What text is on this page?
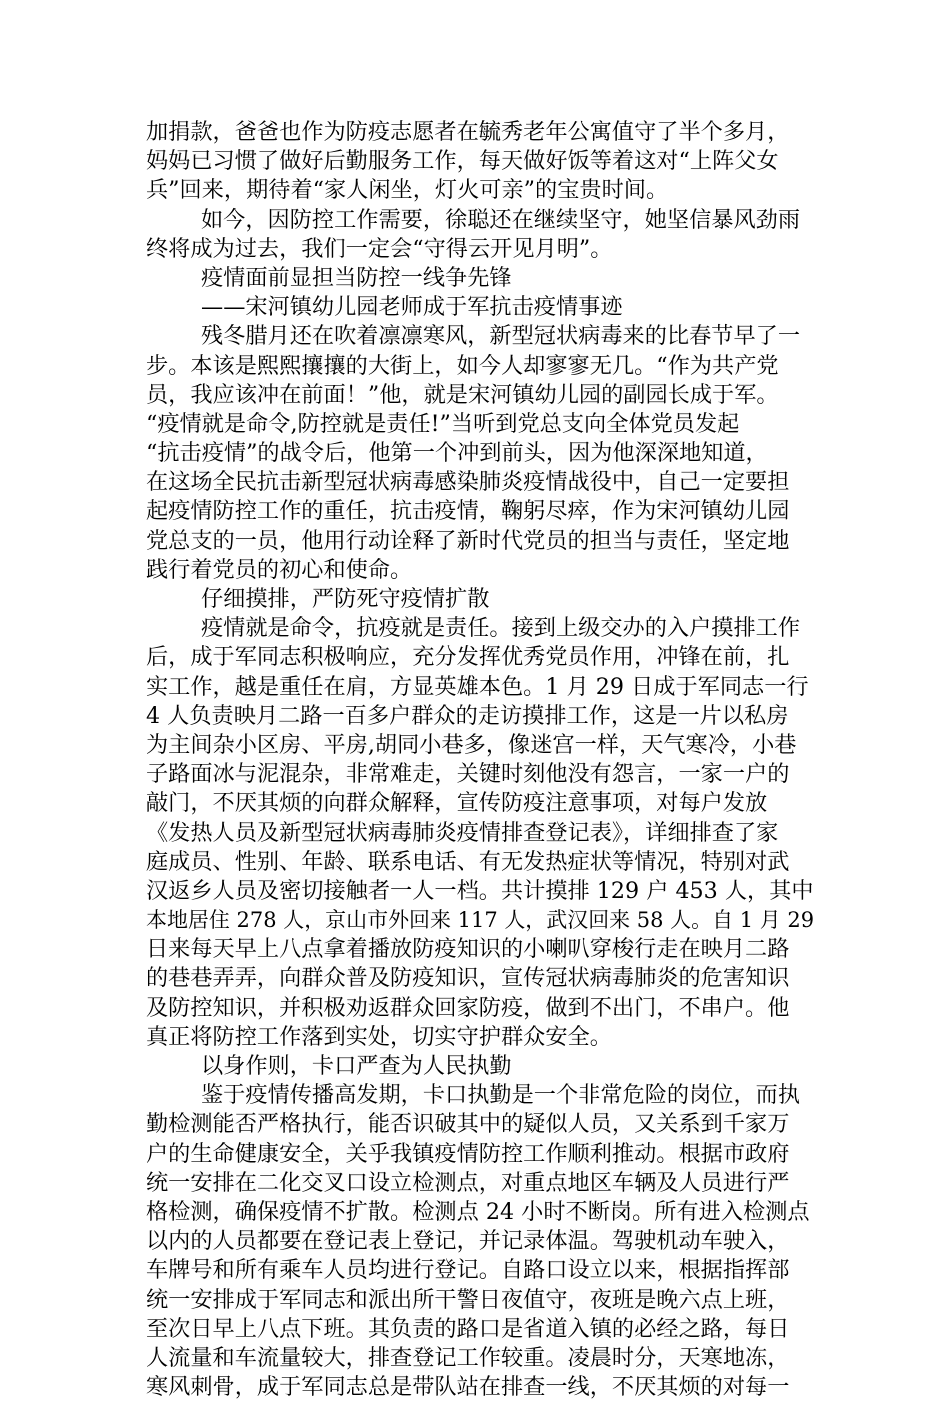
加捐款，爸爸也作为防疫志愿者在毓秀老年公寓值守了半个多月，
妈妈已习惯了做好后勤服务工作，每天做好饭等着这对“上阵父女
兵”回来，期待着“家人闲坐，灯火可亲”的宝贵时间。
如今，因防控工作需要，徐聪还在继续坚守，她坚信暴风劲雨
终将成为过去，我们一定会“守得云开见月明”。
疫情面前显担当防控一线争先锋
——宋河镇幼儿园老师成于军抗击疫情事迹
残冬腊月还在吹着凛凛寒风，新型冠状病毒来的比春节早了一
步。本该是熙熙攘攘的大街上，如今人却寥寥无几。“作为共产党
员，我应该冲在前面！”他，就是宋河镇幼儿园的副园长成于军。
“疫情就是命令,防控就是责任!”当听到党总支向全体党员发起
“抗击疫情”的战令后，他第一个冲到前头，因为他深深地知道，
在这场全民抗击新型冠状病毒感染肺炎疫情战役中，自己一定要担
起疫情防控工作的重任，抗击疫情，鞠躬尽瘁，作为宋河镇幼儿园
党总支的一员，他用行动诠释了新时代党员的担当与责任，坚定地
践行着党员的初心和使命。
仔细摸排，严防死守疫情扩散
疫情就是命令，抗疫就是责任。接到上级交办的入户摸排工作
后，成于军同志积极响应，充分发挥优秀党员作用，冲锋在前，扎
实工作，越是重任在肩，方显英雄本色。1 月 29 日成于军同志一行
4 人负责映月二路一百多户群众的走访摸排工作，这是一片以私房
为主间杂小区房、平房,胡同小巷多，像迷宫一样，天气寒冷，小巷
子路面冰与泥混杂，非常难走，关键时刻他没有怨言，一家一户的
敲门，不厌其烦的向群众解释，宣传防疫注意事项，对每户发放
《发热人员及新型冠状病毒肺炎疫情排查登记表》，详细排查了家
庭成员、性别、年龄、联系电话、有无发热症状等情况，特别对武
汉返乡人员及密切接触者一人一档。共计摸排 129 户 453 人，其中
本地居住 278 人，京山市外回来 117 人，武汉回来 58 人。自 1 月 29
日来每天早上八点拿着播放防疫知识的小喇叭穿梭行走在映月二路
的巷巷弄弄，向群众普及防疫知识，宣传冠状病毒肺炎的危害知识
及防控知识，并积极劝返群众回家防疫，做到不出门，不串户。他
真正将防控工作落到实处，切实守护群众安全。
以身作则，卡口严查为人民执勤
鉴于疫情传播高发期，卡口执勤是一个非常危险的岗位，而执
勤检测能否严格执行，能否识破其中的疑似人员，又关系到千家万
户的生命健康安全，关乎我镇疫情防控工作顺利推动。根据市政府
统一安排在二化交叉口设立检测点，对重点地区车辆及人员进行严
格检测，确保疫情不扩散。检测点 24 小时不断岗。所有进入检测点
以内的人员都要在登记表上登记，并记录体温。驾驶机动车驶入，
车牌号和所有乘车人员均进行登记。自路口设立以来，根据指挥部
统一安排成于军同志和派出所干警日夜值守，夜班是晚六点上班，
至次日早上八点下班。其负责的路口是省道入镇的必经之路，每日
人流量和车流量较大，排查登记工作较重。凌晨时分，天寒地冻，
寒风刺骨，成于军同志总是带队站在排查一线，不厌其烦的对每一
